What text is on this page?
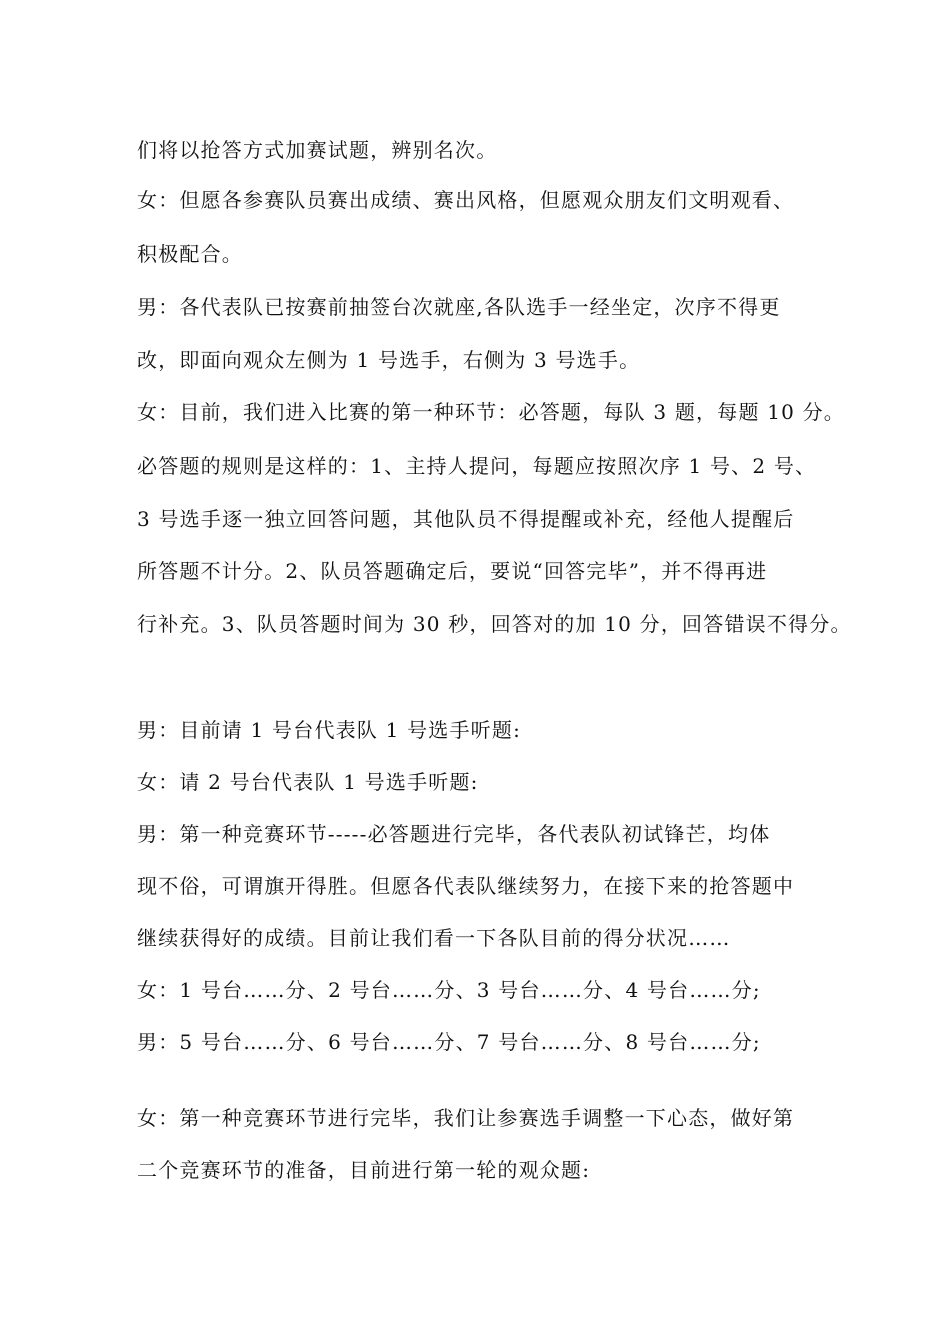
们将以抢答方式加赛试题，辨别名次。
女：但愿各参赛队员赛出成绩、赛出风格，但愿观众朋友们文明观看、
积极配合。
男：各代表队已按赛前抽签台次就座,各队选手一经坐定，次序不得更
改，即面向观众左侧为 1 号选手，右侧为 3 号选手。
女：目前，我们进入比赛的第一种环节：必答题，每队 3 题，每题 10 分。
必答题的规则是这样的：1、主持人提问，每题应按照次序 1 号、2 号、
3 号选手逐一独立回答问题，其他队员不得提醒或补充，经他人提醒后
所答题不计分。2、队员答题确定后，要说“回答完毕”，并不得再进
行补充。3、队员答题时间为 30 秒，回答对的加 10 分，回答错误不得分。
男：目前请 1 号台代表队 1 号选手听题:
女：请 2 号台代表队 1 号选手听题:
男：第一种竞赛环节-----必答题进行完毕，各代表队初试锋芒，均体
现不俗，可谓旗开得胜。但愿各代表队继续努力，在接下来的抢答题中
继续获得好的成绩。目前让我们看一下各队目前的得分状况……
女：1 号台……分、2 号台……分、3 号台……分、4 号台……分;
男：5 号台……分、6 号台……分、7 号台……分、8 号台……分;
女：第一种竞赛环节进行完毕，我们让参赛选手调整一下心态，做好第
二个竞赛环节的准备，目前进行第一轮的观众题:
